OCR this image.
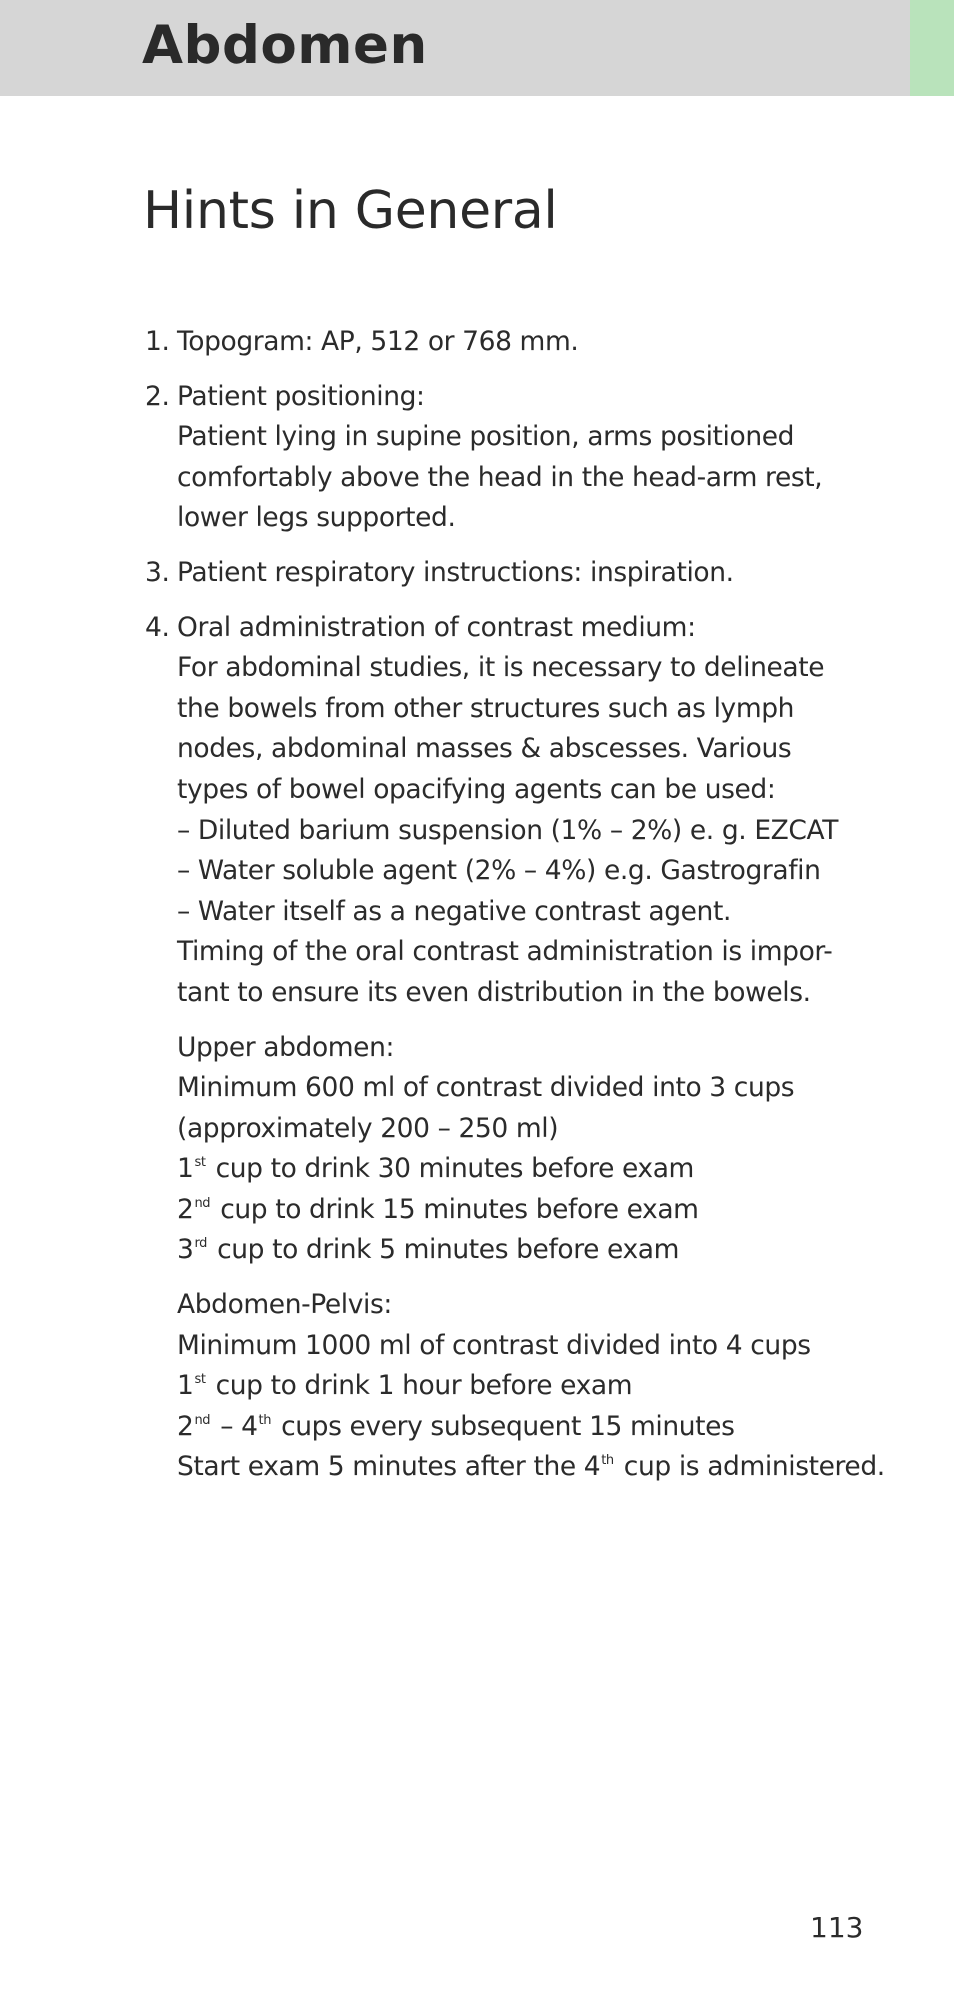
Abdomen
Hints in General
1. Topogram: AP, 512 or 768 mm.
2. Patient positioning:
Patient lying in supine position, arms positioned
comfortably above the head in the head-arm rest,
lower legs supported.
3. Patient respiratory instructions: inspiration.
4. Oral administration of contrast medium:
For abdominal studies, it is necessary to delineate
the bowels from other structures such as lymph
nodes, abdominal masses & abscesses. Various
types of bowel opacifying agents can be used:
– Diluted barium suspension (1% – 2%) e. g. EZCAT
– Water soluble agent (2% – 4%) e.g. Gastrografin
– Water itself as a negative contrast agent.
Timing of the oral contrast administration is impor-
tant to ensure its even distribution in the bowels.
Upper abdomen:
Minimum 600 ml of contrast divided into 3 cups
(approximately 200 – 250 ml)
1st cup to drink 30 minutes before exam
2nd cup to drink 15 minutes before exam
3rd cup to drink 5 minutes before exam
Abdomen-Pelvis:
Minimum 1000 ml of contrast divided into 4 cups
1st cup to drink 1 hour before exam
2nd – 4th cups every subsequent 15 minutes
Start exam 5 minutes after the 4th cup is administered.
113
